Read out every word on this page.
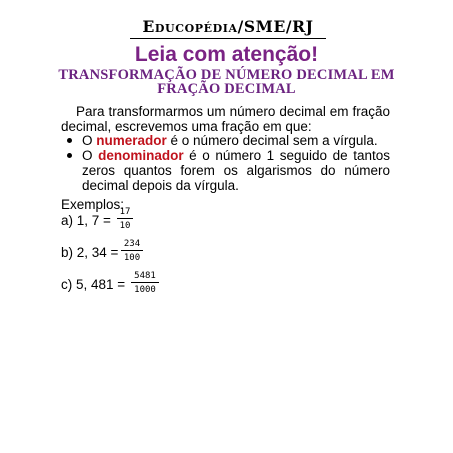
Educopédia/SME/RJ
Leia com atenção!
TRANSFORMAÇÃO DE NÚMERO DECIMAL EM FRAÇÃO DECIMAL

Para transformarmos um número decimal em fração decimal, escrevemos uma fração em que:

O numerador é o número decimal sem a vírgula.
O denominador é o número 1 seguido de tantos zeros quantos forem os algarismos do número decimal depois da vírgula.
Exemplos:
a) 1, 7 =
17
10
b) 2, 34 =
234
100
c) 5, 481 =
5481
1000
